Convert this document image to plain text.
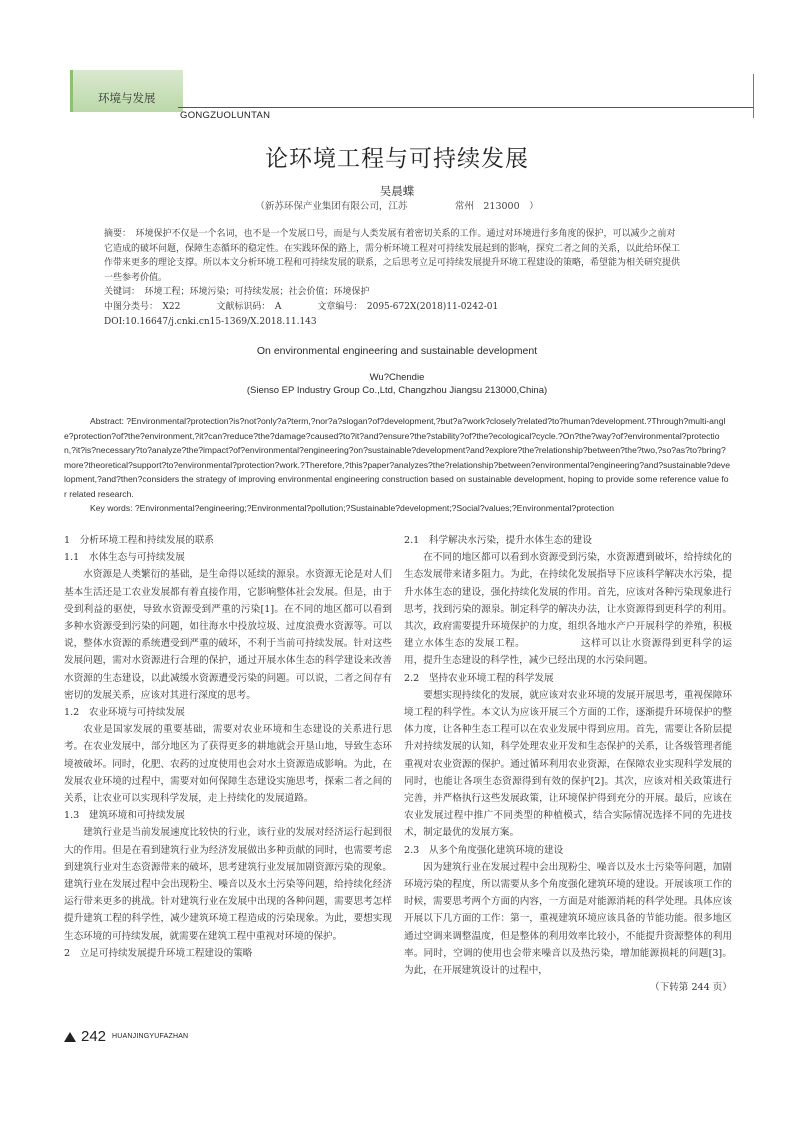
环境与发展
GONGZUOLUNTAN
论环境工程与可持续发展
吴晨蝶
（新苏环保产业集团有限公司，江苏　　　　　常州　213000　）

摘要：　环境保护不仅是一个名词，也不是一个发展口号，而是与人类发展有着密切关系的工作。通过对环境进行多角度的保护，可以减少之前对它造成的破坏问题，保障生态循环的稳定性。在实践环保的路上，需分析环境工程对可持续发展起到的影响，探究二者之间的关系，以此给环保工作带来更多的理论支撑。所以本文分析环境工程和可持续发展的联系，之后思考立足可持续发展提升环境工程建设的策略，希望能为相关研究提供一些参考价值。

关键词：　环境工程；环境污染；可持续发展；社会价值；环境保护

中图分类号：　X22　　　　文献标识码：　A　　　　文章编号：　2095-672X(2018)11-0242-01

DOI:10.16647/j.cnki.cn15-1369/X.2018.11.143

On environmental engineering and sustainable development
Wu?Chendie
(Sienso EP Industry Group Co.,Ltd, Changzhou Jiangsu 213000,China)

Abstract: ?Environmental?protection?is?not?only?a?term,?nor?a?slogan?of?development,?but?a?work?closely?related?to?human?development.?Through?multi-angle?protection?of?the?environment,?it?can?reduce?the?damage?caused?to?it?and?ensure?the?stability?of?the?ecological?cycle.?On?the?way?of?environmental?protection,?it?is?necessary?to?analyze?the?impact?of?environmental?engineering?on?sustainable?development?and?explore?the?relationship?between?the?two,?so?as?to?bring?more?theoretical?support?to?environmental?protection?work.?Therefore,?this?paper?analyzes?the?relationship?between?environmental?engineering?and?sustainable?development,?and?then?considers the strategy of improving environmental engineering construction based on sustainable development, hoping to provide some reference value for related research.

Key words: ?Environmental?engineering;?Environmental?pollution;?Sustainable?development;?Social?values;?Environmental?protection

1　分析环境工程和持续发展的联系

1.1　水体生态与可持续发展

水资源是人类繁衍的基础，是生命得以延续的源泉。水资源无论是对人们基本生活还是工农业发展都有着直接作用，它影响整体社会发展。但是，由于受到利益的驱使，导致水资源受到严重的污染[1]。在不同的地区都可以看到多种水资源受到污染的问题，如往海水中投放垃圾、过度浪费水资源等。可以说，整体水资源的系统遭受到严重的破坏，不利于当前可持续发展。针对这些发展问题，需对水资源进行合理的保护，通过开展水体生态的科学建设来改善水资源的生态建设，以此减缓水资源遭受污染的问题。可以说，二者之间存有密切的发展关系，应该对其进行深度的思考。

1.2　农业环境与可持续发展

农业是国家发展的重要基础，需要对农业环境和生态建设的关系进行思考。在农业发展中，部分地区为了获得更多的耕地就会开垦山地，导致生态环境被破坏。同时，化肥、农药的过度使用也会对水土资源造成影响。为此，在发展农业环境的过程中，需要对如何保障生态建设实施思考，探索二者之间的关系，让农业可以实现科学发展，走上持续化的发展道路。

1.3　建筑环境和可持续发展

建筑行业是当前发展速度比较快的行业，该行业的发展对经济运行起到很大的作用。但是在看到建筑行业为经济发展做出多种贡献的同时，也需要考虑到建筑行业对生态资源带来的破坏，思考建筑行业发展加剧资源污染的现象。建筑行业在发展过程中会出现粉尘、噪音以及水土污染等问题，给持续化经济运行带来更多的挑战。针对建筑行业在发展中出现的各种问题，需要思考怎样提升建筑工程的科学性，减少建筑环境工程造成的污染现象。为此，要想实现生态环境的可持续发展，就需要在建筑工程中重视对环境的保护。

2　立足可持续发展提升环境工程建设的策略

2.1　科学解决水污染，提升水体生态的建设

在不同的地区都可以看到水资源受到污染，水资源遭到破坏，给持续化的生态发展带来诸多阻力。为此，在持续化发展指导下应该科学解决水污染，提升水体生态的建设，强化持续化发展的作用。首先，应该对各种污染现象进行思考，找到污染的源泉。制定科学的解决办法，让水资源得到更科学的利用。其次，政府需要提升环境保护的力度，组织各地水产户开展科学的养殖，积极建立水体生态的发展工程。　　　　　　这样可以让水资源得到更科学的运用，提升生态建设的科学性，减少已经出现的水污染问题。

2.2　坚持农业环境工程的科学发展

要想实现持续化的发展，就应该对农业环境的发展开展思考，重视保障环境工程的科学性。本文认为应该开展三个方面的工作，逐渐提升环境保护的整体力度，让各种生态工程可以在农业发展中得到应用。首先，需要让各阶层提升对持续发展的认知，科学处理农业开发和生态保护的关系，让各级管理者能重视对农业资源的保护。通过循环利用农业资源，在保障农业实现科学发展的同时，也能让各项生态资源得到有效的保护[2]。其次，应该对相关政策进行完善，并严格执行这些发展政策，让环境保护得到充分的开展。最后，应该在农业发展过程中推广不同类型的种植模式，结合实际情况选择不同的先进技术，制定最优的发展方案。

2.3　从多个角度强化建筑环境的建设

因为建筑行业在发展过程中会出现粉尘、噪音以及水土污染等问题，加剧环境污染的程度，所以需要从多个角度强化建筑环境的建设。开展该项工作的时候，需要思考两个方面的内容，一方面是对能源消耗的科学处理。具体应该开展以下几方面的工作：第一，重视建筑环境应该具备的节能功能。很多地区通过空调来调整温度，但是整体的利用效率比较小，不能提升资源整体的利用率。同时，空调的使用也会带来噪音以及热污染，增加能源损耗的问题[3]。为此，在开展建筑设计的过程中，

（下转第 244 页）

242 HUANJINGYUFAZHAN
